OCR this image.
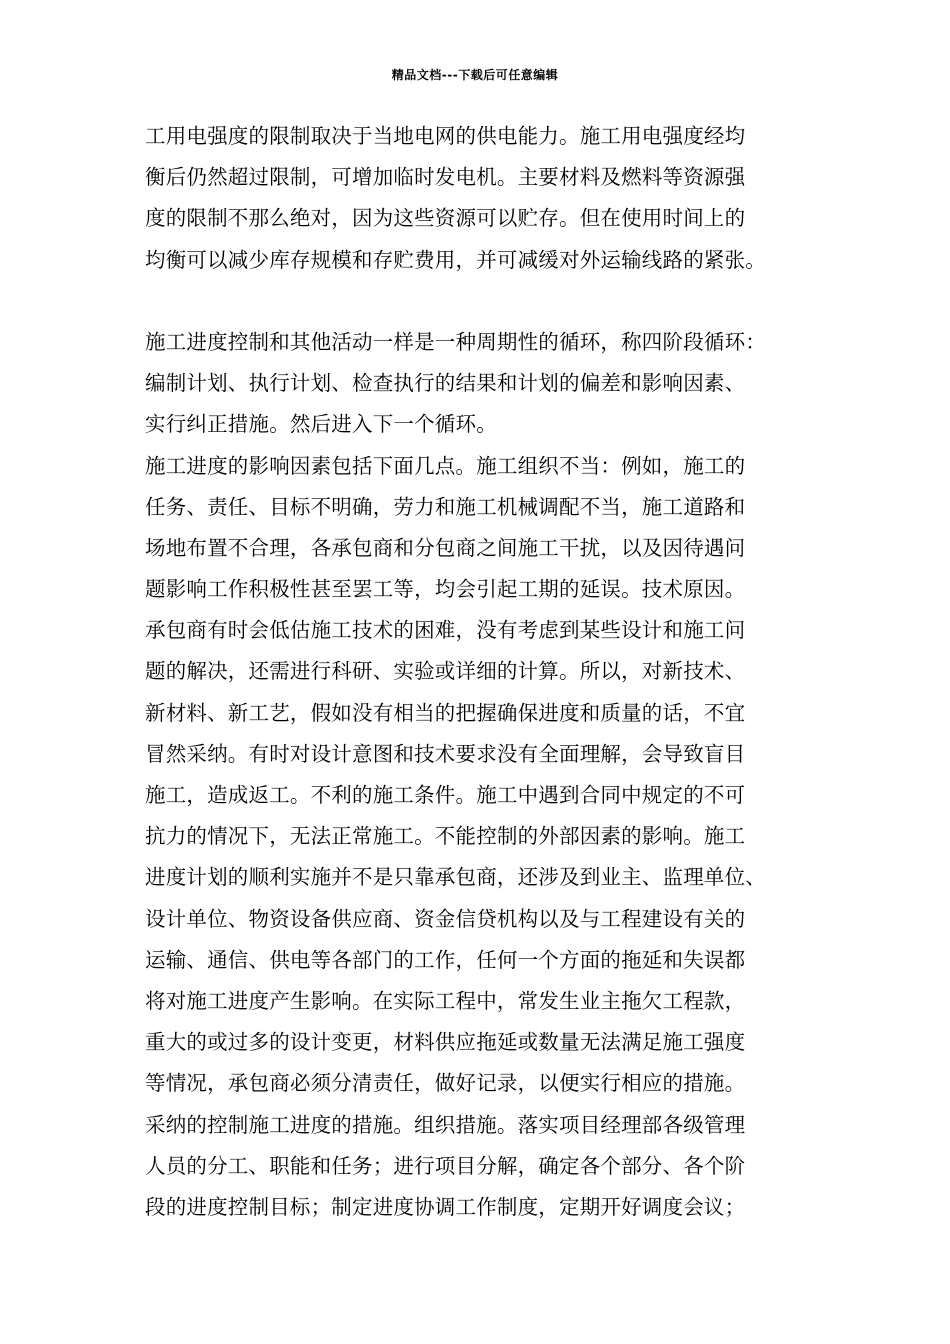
精品文档---下载后可任意编辑
工用电强度的限制取决于当地电网的供电能力。施工用电强度经均
衡后仍然超过限制，可增加临时发电机。主要材料及燃料等资源强
度的限制不那么绝对，因为这些资源可以贮存。但在使用时间上的
均衡可以减少库存规模和存贮费用，并可减缓对外运输线路的紧张。
施工进度控制和其他活动一样是一种周期性的循环，称四阶段循环：
编制计划、执行计划、检查执行的结果和计划的偏差和影响因素、
实行纠正措施。然后进入下一个循环。
施工进度的影响因素包括下面几点。施工组织不当：例如，施工的
任务、责任、目标不明确，劳力和施工机械调配不当，施工道路和
场地布置不合理，各承包商和分包商之间施工干扰，以及因待遇问
题影响工作积极性甚至罢工等，均会引起工期的延误。技术原因。
承包商有时会低估施工技术的困难，没有考虑到某些设计和施工问
题的解决，还需进行科研、实验或详细的计算。所以，对新技术、
新材料、新工艺，假如没有相当的把握确保进度和质量的话，不宜
冒然采纳。有时对设计意图和技术要求没有全面理解，会导致盲目
施工，造成返工。不利的施工条件。施工中遇到合同中规定的不可
抗力的情况下，无法正常施工。不能控制的外部因素的影响。施工
进度计划的顺利实施并不是只靠承包商，还涉及到业主、监理单位、
设计单位、物资设备供应商、资金信贷机构以及与工程建设有关的
运输、通信、供电等各部门的工作，任何一个方面的拖延和失误都
将对施工进度产生影响。在实际工程中，常发生业主拖欠工程款，
重大的或过多的设计变更，材料供应拖延或数量无法满足施工强度
等情况，承包商必须分清责任，做好记录，以便实行相应的措施。
采纳的控制施工进度的措施。组织措施。落实项目经理部各级管理
人员的分工、职能和任务；进行项目分解，确定各个部分、各个阶
段的进度控制目标；制定进度协调工作制度，定期开好调度会议；
